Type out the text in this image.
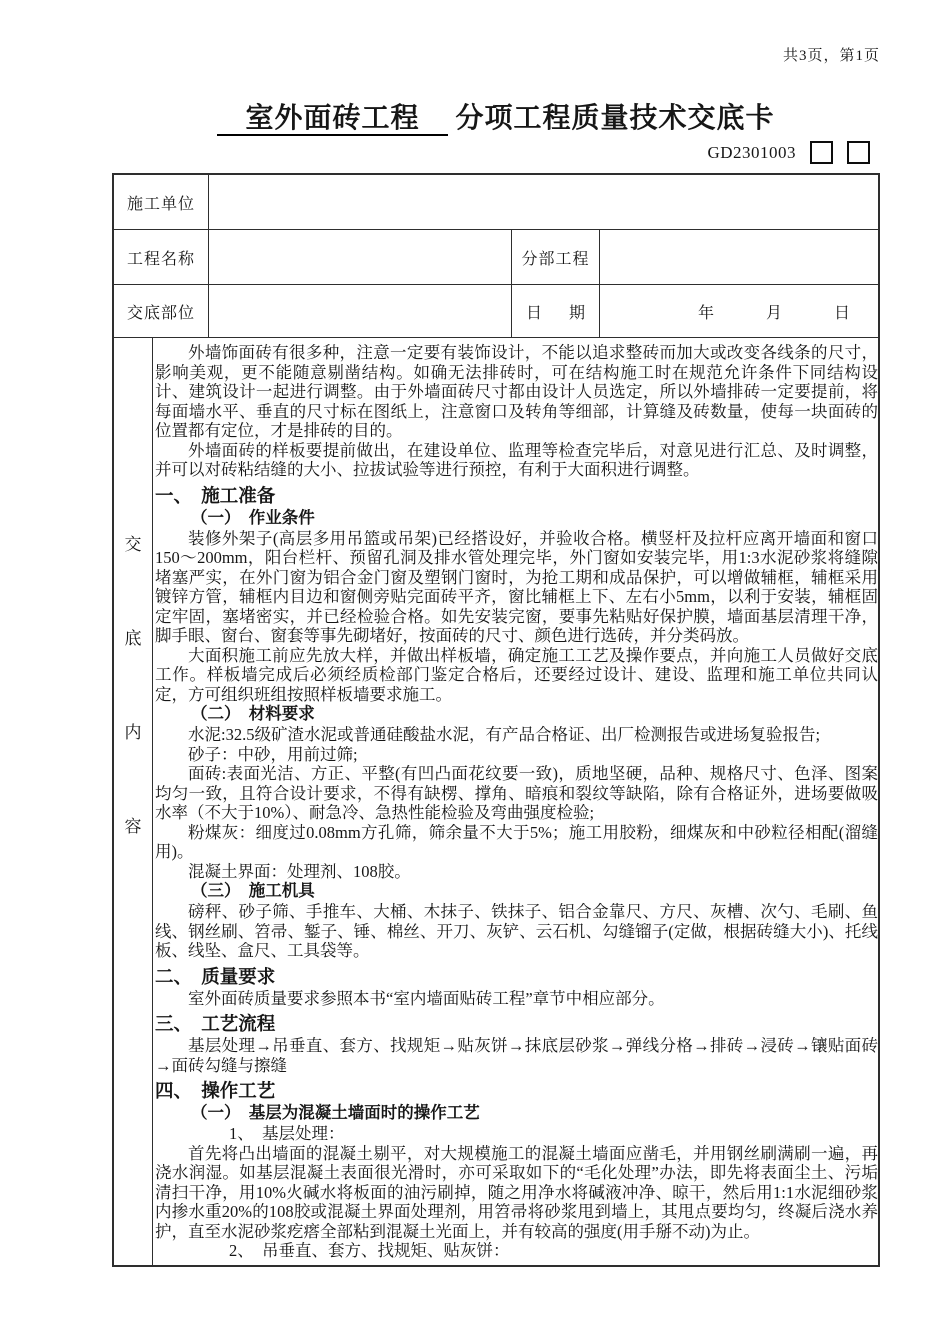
共3页，第1页
室外面砖工程 分项工程质量技术交底卡
GD2301003
施工单位
工程名称	分部工程
交底部位	日 期	年	月	日
交
底
内
容

外墙饰面砖有很多种，注意一定要有装饰设计，不能以追求整砖而加大或改变各线条的尺寸，影响美观，更不能随意剔凿结构。如确无法排砖时，可在结构施工时在规范允许条件下同结构设计、建筑设计一起进行调整。由于外墙面砖尺寸都由设计人员选定，所以外墙排砖一定要提前，将每面墙水平、垂直的尺寸标在图纸上，注意窗口及转角等细部，计算缝及砖数量，使每一块面砖的位置都有定位，才是排砖的目的。

外墙面砖的样板要提前做出，在建设单位、监理等检查完毕后，对意见进行汇总、及时调整，并可以对砖粘结缝的大小、拉拔试验等进行预控，有利于大面积进行调整。

一、　施工准备

（一）　作业条件

装修外架子(高层多用吊篮或吊架)已经搭设好，并验收合格。横竖杆及拉杆应离开墙面和窗口150～200mm，阳台栏杆、预留孔洞及排水管处理完毕，外门窗如安装完毕，用1:3水泥砂浆将缝隙堵塞严实，在外门窗为铝合金门窗及塑钢门窗时，为抢工期和成品保护，可以增做辅框，辅框采用镀锌方管，辅框内目边和窗侧旁贴完面砖平齐，窗比辅框上下、左右小5mm，以利于安装，辅框固定牢固，塞堵密实，并已经检验合格。如先安装完窗，要事先粘贴好保护膜，墙面基层清理干净，脚手眼、窗台、窗套等事先砌堵好，按面砖的尺寸、颜色进行选砖，并分类码放。

大面积施工前应先放大样，并做出样板墙，确定施工工艺及操作要点，并向施工人员做好交底工作。样板墙完成后必须经质检部门鉴定合格后，还要经过设计、建设、监理和施工单位共同认定，方可组织班组按照样板墙要求施工。

（二）　材料要求

水泥:32.5级矿渣水泥或普通硅酸盐水泥，有产品合格证、出厂检测报告或进场复验报告;

砂子：中砂，用前过筛;

面砖:表面光洁、方正、平整(有凹凸面花纹要一致)，质地坚硬，品种、规格尺寸、色泽、图案均匀一致，且符合设计要求，不得有缺楞、撑角、暗痕和裂纹等缺陷，除有合格证外，进场要做吸水率（不大于10%）、耐急冷、急热性能检验及弯曲强度检验;

粉煤灰：细度过0.08mm方孔筛，筛余量不大于5%；施工用胶粉，细煤灰和中砂粒径相配(溜缝用)。

混凝土界面：处理剂、108胶。

（三）　施工机具

磅秤、砂子筛、手推车、大桶、木抹子、铁抹子、铝合金靠尺、方尺、灰槽、次勺、毛刷、鱼线、钢丝刷、笤帚、錾子、锤、棉丝、开刀、灰铲、云石机、勾缝镏子(定做，根据砖缝大小)、托线板、线坠、盒尺、工具袋等。

二、　质量要求

室外面砖质量要求参照本书“室内墙面贴砖工程”章节中相应部分。

三、　工艺流程

基层处理→吊垂直、套方、找规矩→贴灰饼→抹底层砂浆→弹线分格→排砖→浸砖→镶贴面砖→面砖勾缝与擦缝

四、　操作工艺

（一）　基层为混凝土墙面时的操作工艺

1、　基层处理：

首先将凸出墙面的混凝土剔平，对大规模施工的混凝土墙面应凿毛，并用钢丝刷满刷一遍，再浇水润湿。如基层混凝土表面很光滑时，亦可采取如下的“毛化处理”办法，即先将表面尘土、污垢清扫干净，用10%火碱水将板面的油污刷掉，随之用净水将碱液冲净、晾干，然后用1:1水泥细砂浆内掺水重20%的108胶或混凝土界面处理剂，用笤帚将砂浆甩到墙上，其甩点要均匀，终凝后浇水养护，直至水泥砂浆疙瘩全部粘到混凝土光面上，并有较高的强度(用手掰不动)为止。

2、　吊垂直、套方、找规矩、贴灰饼：
